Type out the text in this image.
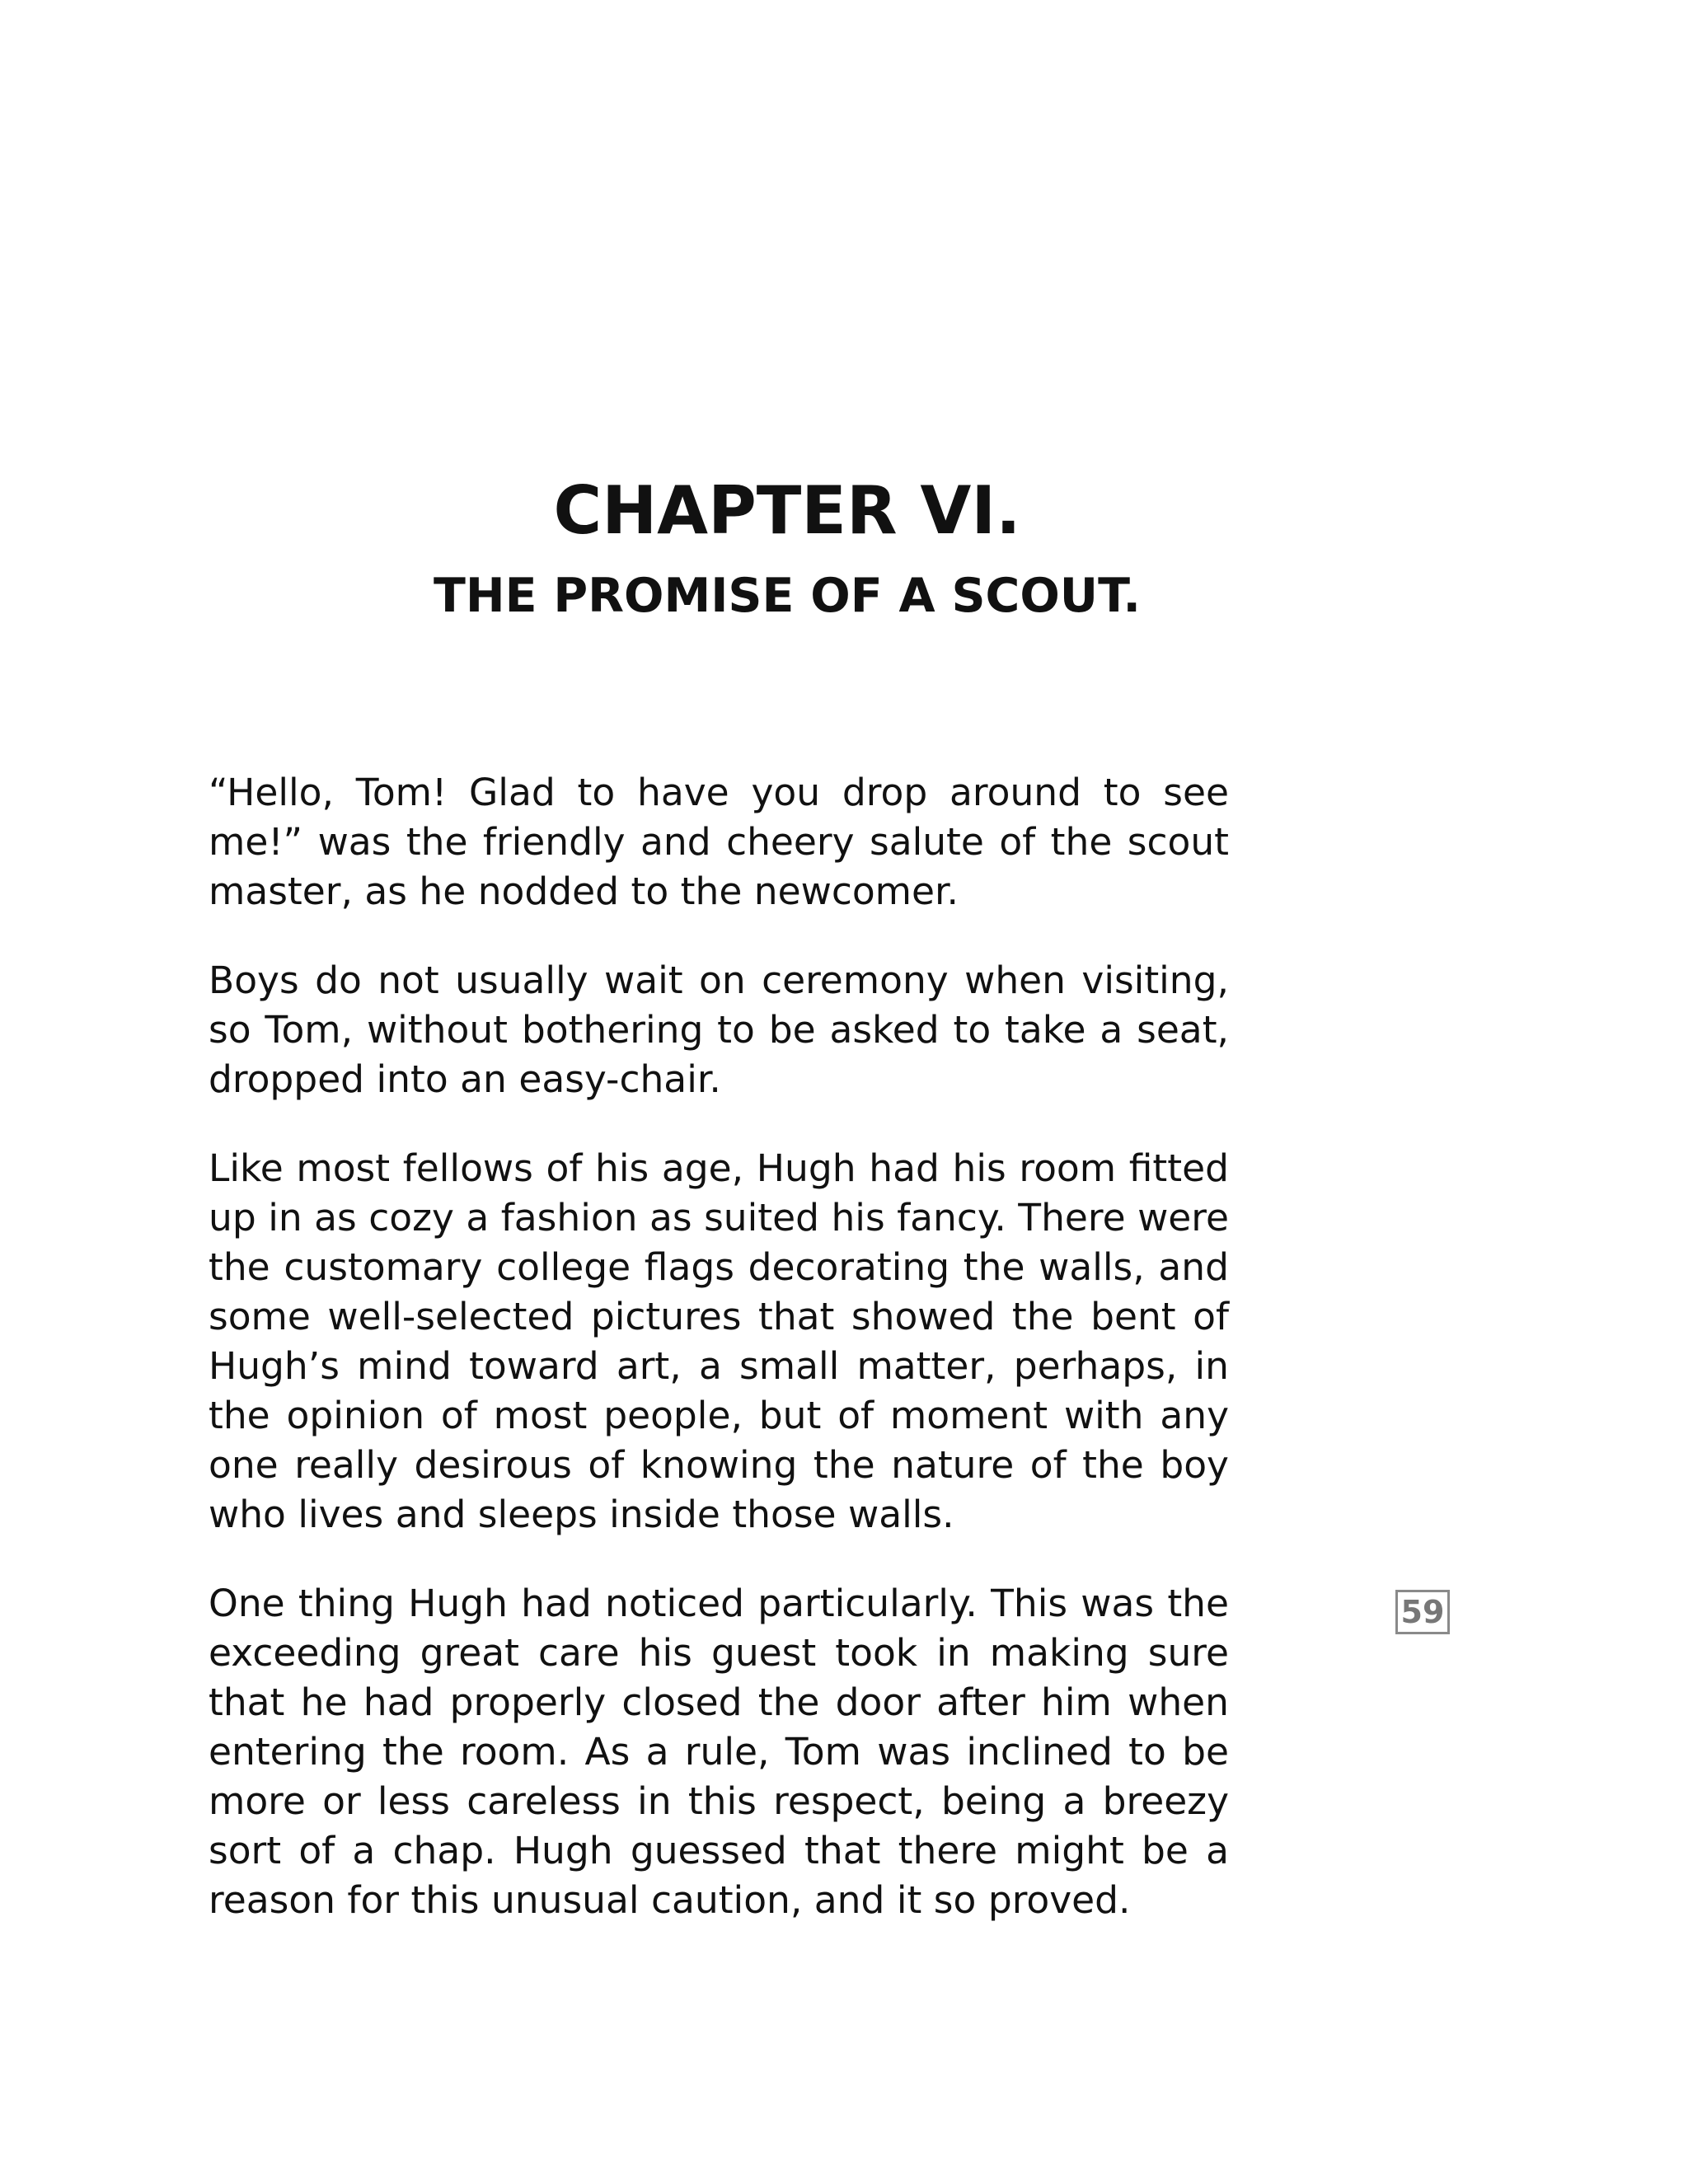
CHAPTER VI.
THE PROMISE OF A SCOUT.

“Hello, Tom! Glad to have you drop around to see me!” was the friendly and cheery salute of the scout master, as he nodded to the newcomer.

Boys do not usually wait on ceremony when visiting, so Tom, without bothering to be asked to take a seat, dropped into an easy-chair.

Like most fellows of his age, Hugh had his room fitted up in as cozy a fashion as suited his fancy. There were the customary college flags decorating the walls, and some well-selected pictures that showed the bent of Hugh’s mind toward art, a small matter, perhaps, in the opinion of most people, but of moment with any one really desirous of knowing the nature of the boy who lives and sleeps inside those walls.

One thing Hugh had noticed particularly. This was the exceeding great care his guest took in making sure that he had properly closed the door after him when entering the room. As a rule, Tom was inclined to be more or less careless in this respect, being a breezy sort of a chap. Hugh guessed that there might be a reason for this unusual caution, and it so proved.

59
